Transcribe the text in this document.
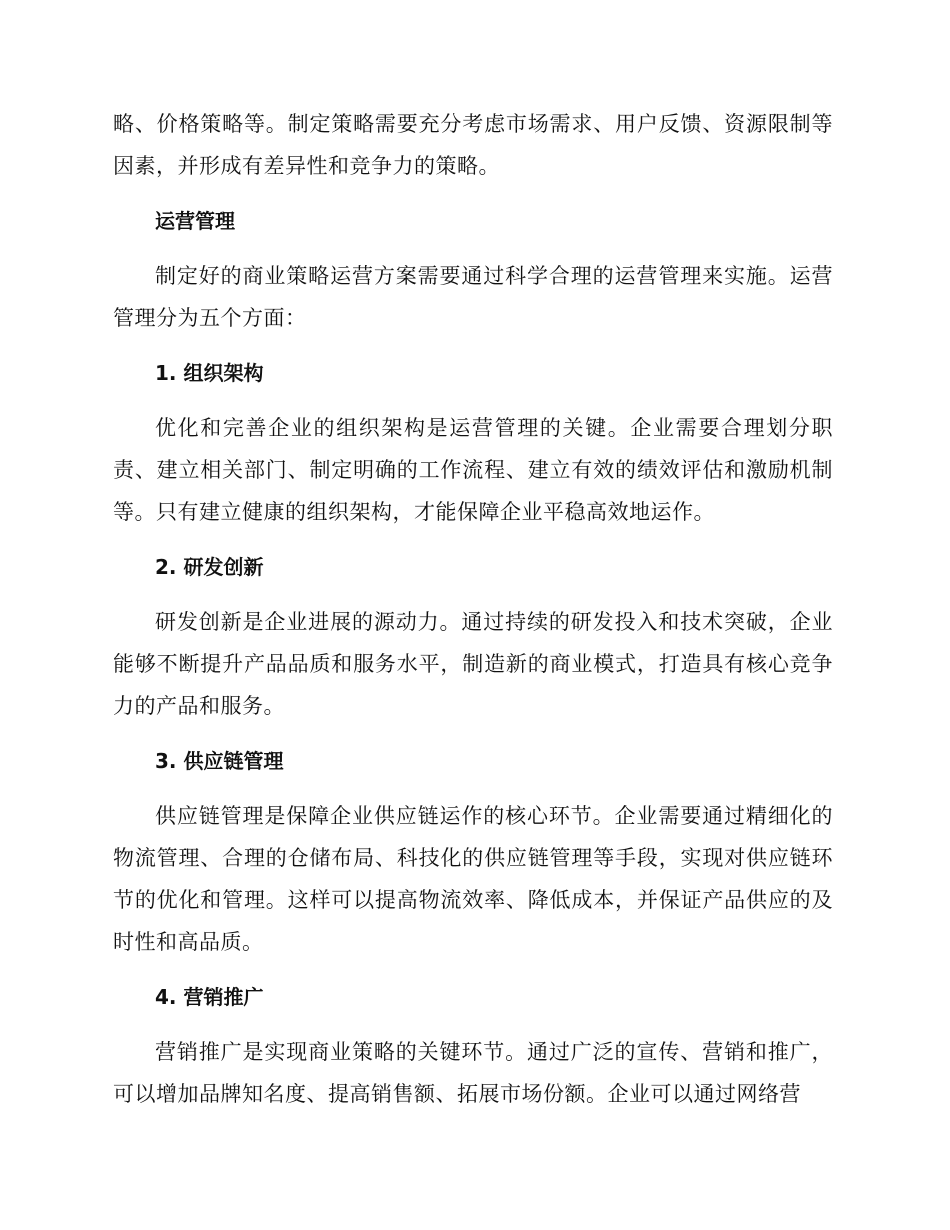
略、价格策略等。制定策略需要充分考虑市场需求、用户反馈、资源限制等因素，并形成有差异性和竞争力的策略。

运营管理

制定好的商业策略运营方案需要通过科学合理的运营管理来实施。运营管理分为五个方面：

1. 组织架构

优化和完善企业的组织架构是运营管理的关键。企业需要合理划分职责、建立相关部门、制定明确的工作流程、建立有效的绩效评估和激励机制等。只有建立健康的组织架构，才能保障企业平稳高效地运作。

2. 研发创新

研发创新是企业进展的源动力。通过持续的研发投入和技术突破，企业能够不断提升产品品质和服务水平，制造新的商业模式，打造具有核心竞争力的产品和服务。

3. 供应链管理

供应链管理是保障企业供应链运作的核心环节。企业需要通过精细化的物流管理、合理的仓储布局、科技化的供应链管理等手段，实现对供应链环节的优化和管理。这样可以提高物流效率、降低成本，并保证产品供应的及时性和高品质。

4. 营销推广

营销推广是实现商业策略的关键环节。通过广泛的宣传、营销和推广，可以增加品牌知名度、提高销售额、拓展市场份额。企业可以通过网络营
